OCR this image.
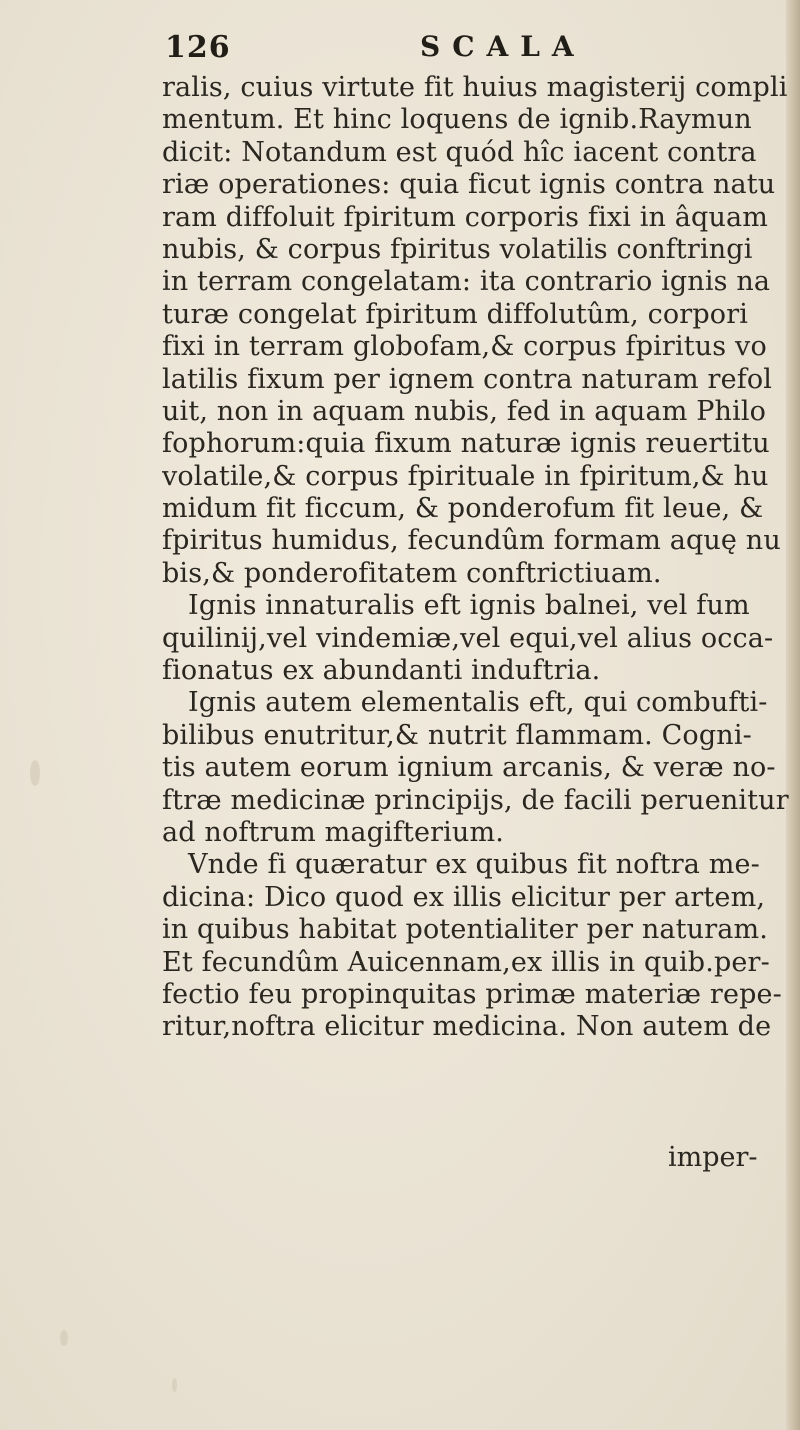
126	SCALA
ralis, cuius virtute fit huius magisterij compli
mentum. Et hinc loquens de ignib.Raymun
dicit: Notandum est quód hîc iacent contra
riæ operationes: quia ficut ignis contra natu
ram diffoluit fpiritum corporis fixi in âquam
nubis, & corpus fpiritus volatilis conftringi
in terram congelatam: ita contrario ignis na
turæ congelat fpiritum diffolutûm, corpori
fixi in terram globofam,& corpus fpiritus vo
latilis fixum per ignem contra naturam refol
uit, non in aquam nubis, fed in aquam Philo
fophorum:quia fixum naturæ ignis reuertitu
volatile,& corpus fpirituale in fpiritum,& hu
midum fit ficcum, & ponderofum fit leue, &
fpiritus humidus, fecundûm formam aquę nu
bis,& ponderofitatem conftrictiuam.
Ignis innaturalis eft ignis balnei, vel fum
quilinij,vel vindemiæ,vel equi,vel alius occa-
fionatus ex abundanti induftria.
Ignis autem elementalis eft, qui combufti-
bilibus enutritur,& nutrit flammam. Cogni-
tis autem eorum ignium arcanis, & veræ no-
ftræ medicinæ principijs, de facili peruenitur
ad noftrum magifterium.
Vnde fi quæratur ex quibus fit noftra me-
dicina: Dico quod ex illis elicitur per artem,
in quibus habitat potentialiter per naturam.
Et fecundûm Auicennam,ex illis in quib.per-
fectio feu propinquitas primæ materiæ repe-
ritur,noftra elicitur medicina. Non autem de
imper-
